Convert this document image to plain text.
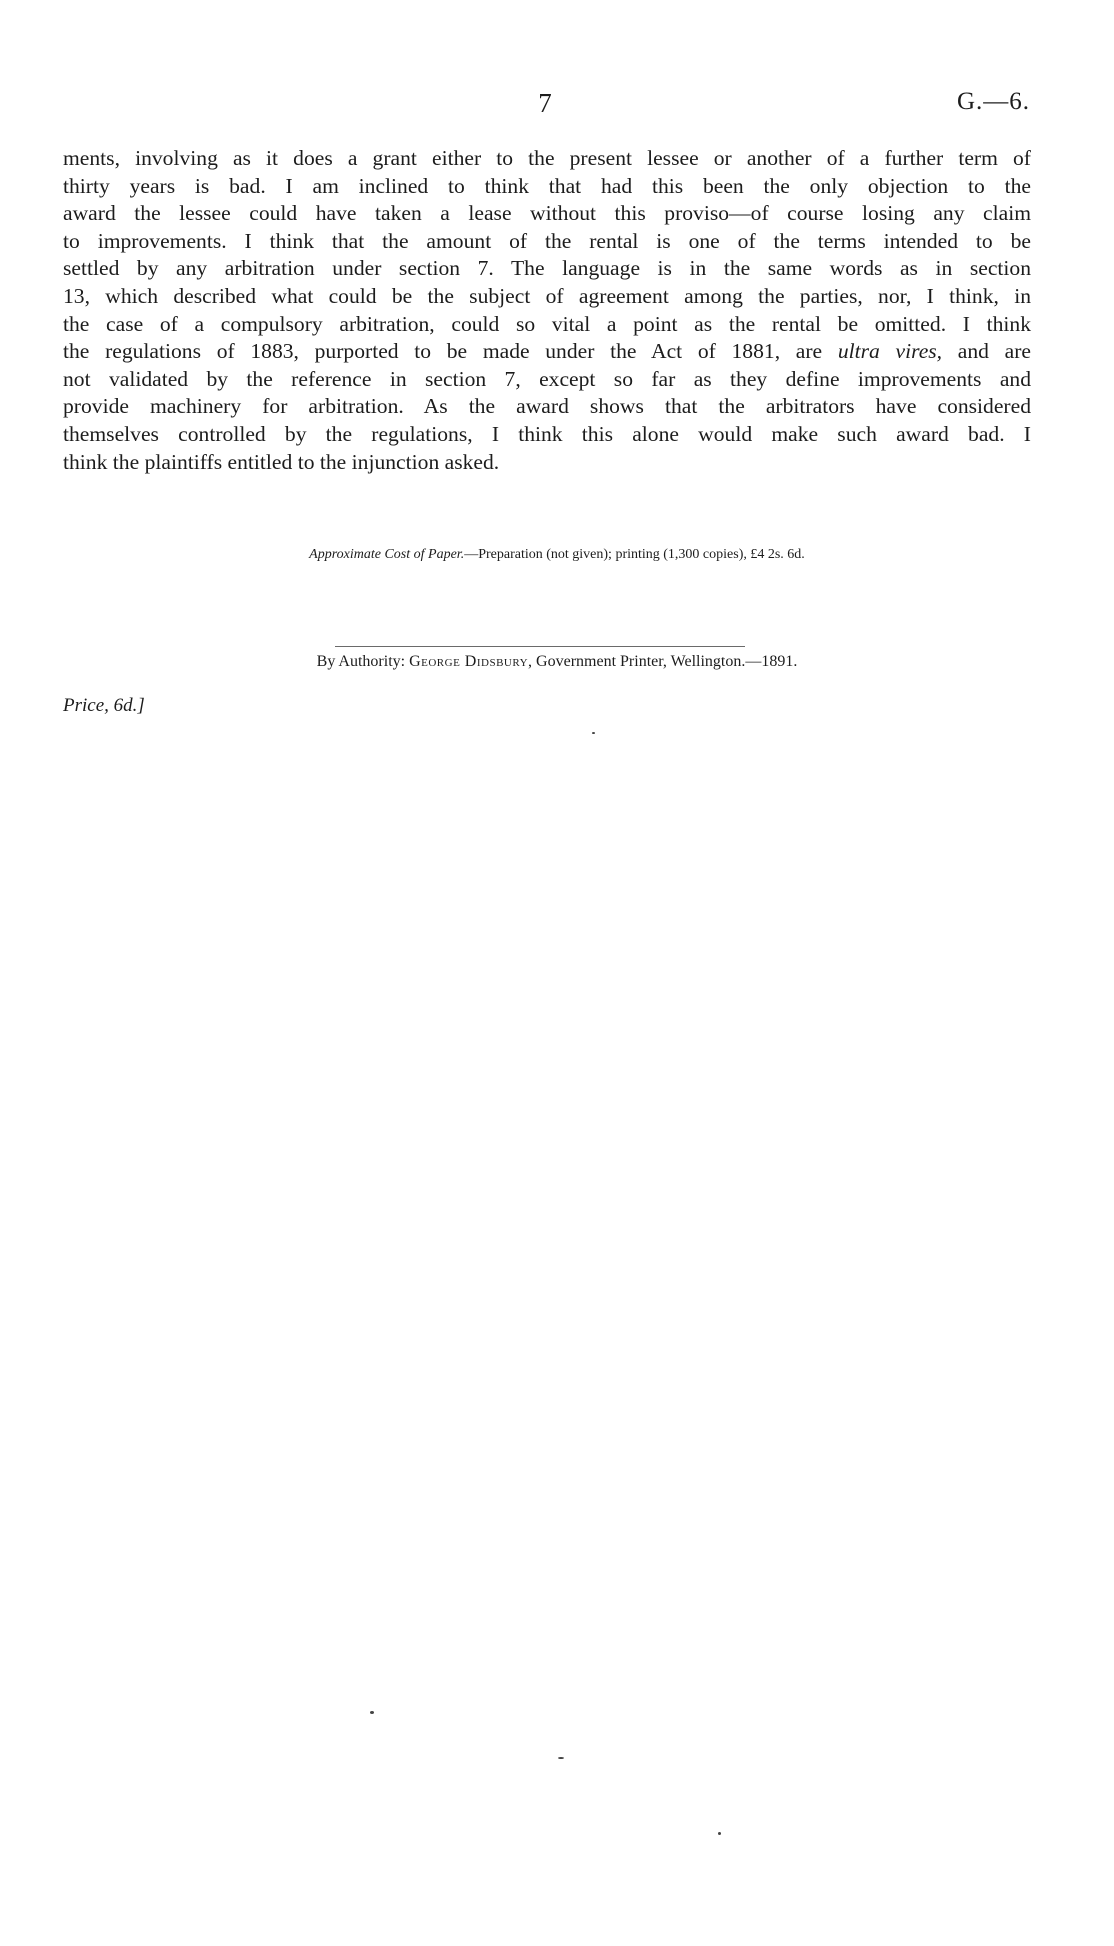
7	G.—6.
ments, involving as it does a grant either to the present lessee or another of a further term of
thirty years is bad. I am inclined to think that had this been the only objection to the
award the lessee could have taken a lease without this proviso—of course losing any claim
to improvements. I think that the amount of the rental is one of the terms intended to be
settled by any arbitration under section 7. The language is in the same words as in section
13, which described what could be the subject of agreement among the parties, nor, I think, in
the case of a compulsory arbitration, could so vital a point as the rental be omitted. I think
the regulations of 1883, purported to be made under the Act of 1881, are ultra vires, and are
not validated by the reference in section 7, except so far as they define improvements and
provide machinery for arbitration. As the award shows that the arbitrators have considered
themselves controlled by the regulations, I think this alone would make such award bad. I
think the plaintiffs entitled to the injunction asked.
Approximate Cost of Paper.—Preparation (not given); printing (1,300 copies), £4 2s. 6d.
By Authority: George Didsbury, Government Printer, Wellington.—1891.
Price, 6d.]
